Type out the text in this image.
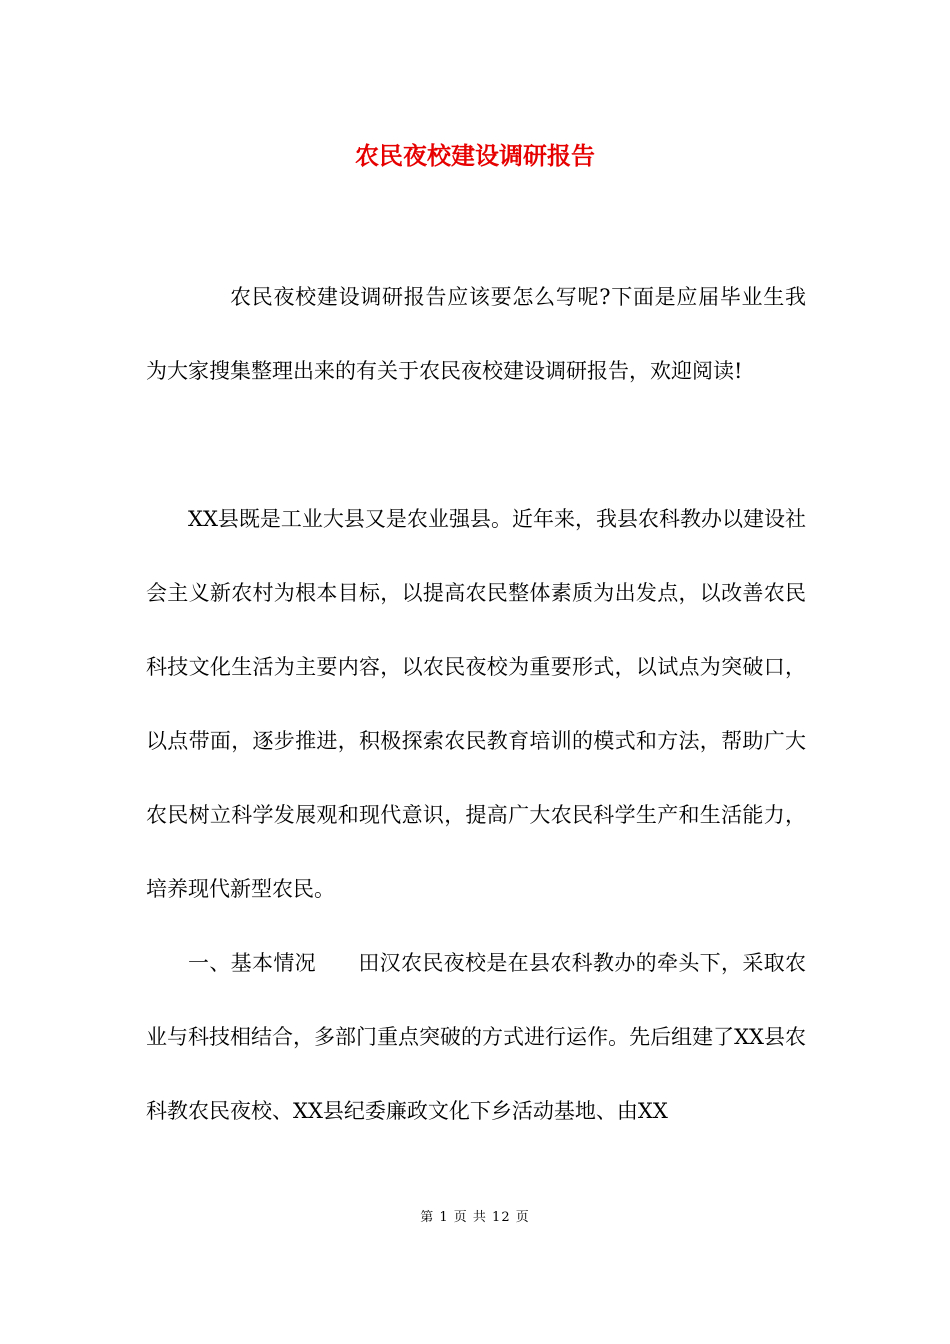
农民夜校建设调研报告

农民夜校建设调研报告应该要怎么写呢?下面是应届毕业生我为大家搜集整理出来的有关于农民夜校建设调研报告，欢迎阅读!

XX县既是工业大县又是农业强县。近年来，我县农科教办以建设社会主义新农村为根本目标，以提高农民整体素质为出发点，以改善农民科技文化生活为主要内容，以农民夜校为重要形式，以试点为突破口，以点带面，逐步推进，积极探索农民教育培训的模式和方法，帮助广大农民树立科学发展观和现代意识，提高广大农民科学生产和生活能力，培养现代新型农民。

一、基本情况 田汉农民夜校是在县农科教办的牵头下，采取农业与科技相结合，多部门重点突破的方式进行运作。先后组建了XX县农科教农民夜校、XX县纪委廉政文化下乡活动基地、由XX

第 1 页 共 12 页
